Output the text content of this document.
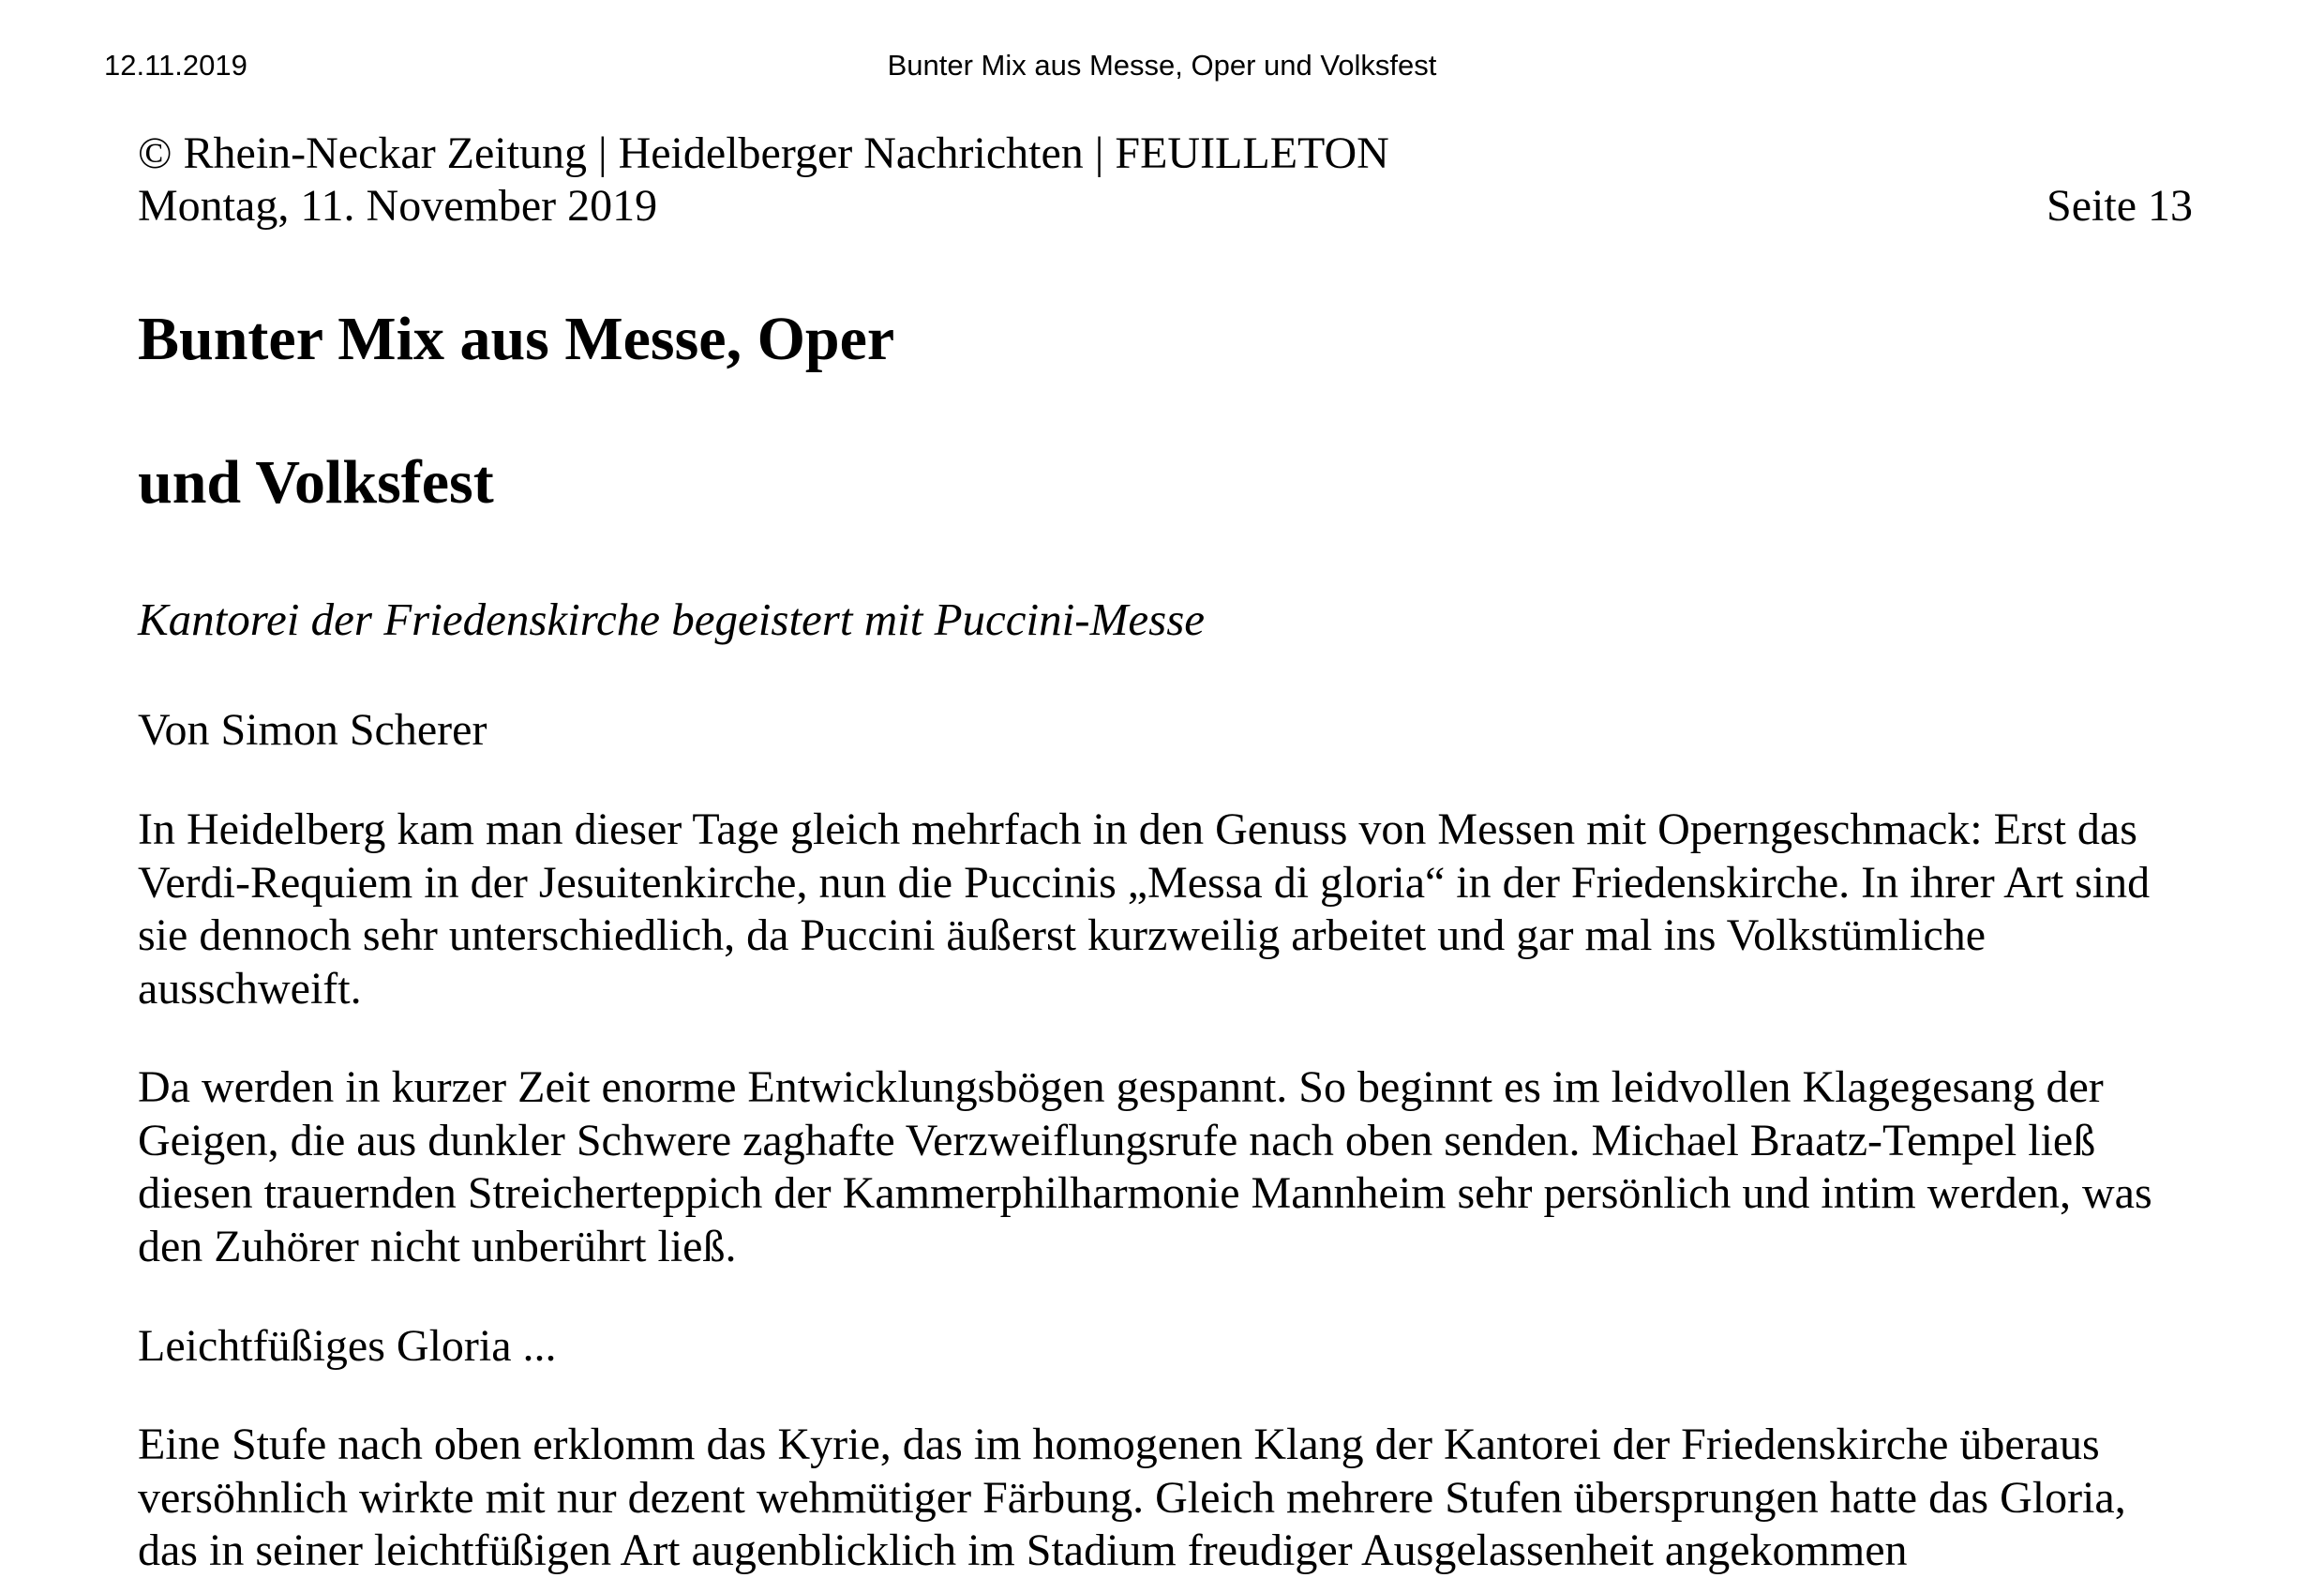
12.11.2019	Bunter Mix aus Messe, Oper und Volksfest
© Rhein-Neckar Zeitung | Heidelberger Nachrichten | FEUILLETON
Montag, 11. November 2019	Seite 13
Bunter Mix aus Messe, Oper
und Volksfest
Kantorei der Friedenskirche begeistert mit Puccini-Messe
Von Simon Scherer

In Heidelberg kam man dieser Tage gleich mehrfach in den Genuss von Messen mit Operngeschmack: Erst das Verdi-Requiem in der Jesuitenkirche, nun die Puccinis „Messa di gloria“ in der Friedenskirche. In ihrer Art sind sie dennoch sehr unterschiedlich, da Puccini äußerst kurzweilig arbeitet und gar mal ins Volkstümliche ausschweift.

Da werden in kurzer Zeit enorme Entwicklungsbögen gespannt. So beginnt es im leidvollen Klagegesang der Geigen, die aus dunkler Schwere zaghafte Verzweiflungsrufe nach oben senden. Michael Braatz-Tempel ließ diesen trauernden Streicherteppich der Kammerphilharmonie Mannheim sehr persönlich und intim werden, was den Zuhörer nicht unberührt ließ.

Leichtfüßiges Gloria ...

Eine Stufe nach oben erklomm das Kyrie, das im homogenen Klang der Kantorei der Friedenskirche überaus versöhnlich wirkte mit nur dezent wehmütiger Färbung. Gleich mehrere Stufen übersprungen hatte das Gloria, das in seiner leichtfüßigen Art augenblicklich im Stadium freudiger Ausgelassenheit angekommen
